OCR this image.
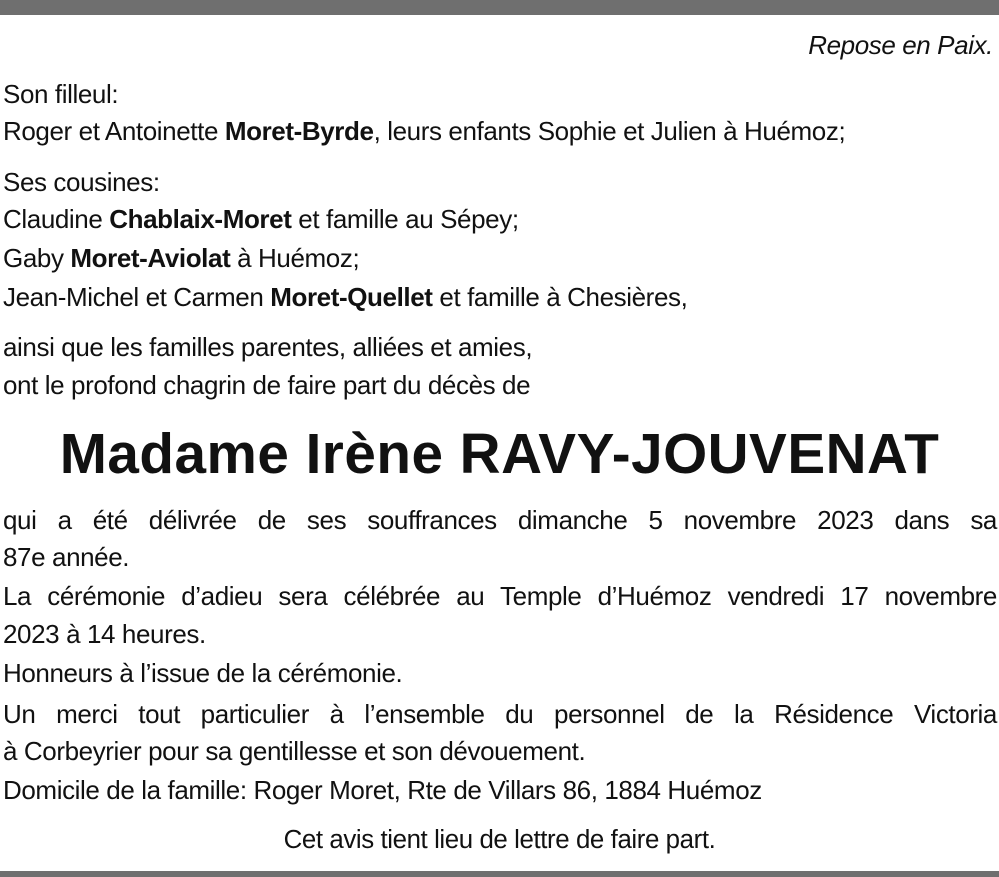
Repose en Paix.
Son filleul:
Roger et Antoinette Moret-Byrde, leurs enfants Sophie et Julien à Huémoz;
Ses cousines:
Claudine Chablaix-Moret et famille au Sépey;
Gaby Moret-Aviolat à Huémoz;
Jean-Michel et Carmen Moret-Quellet et famille à Chesières,
ainsi que les familles parentes, alliées et amies,
ont le profond chagrin de faire part du décès de
Madame Irène RAVY-JOUVENAT
qui a été délivrée de ses souffrances dimanche 5 novembre 2023 dans sa
87e année.
La cérémonie d’adieu sera célébrée au Temple d’Huémoz vendredi 17 novembre
2023 à 14 heures.
Honneurs à l’issue de la cérémonie.
Un merci tout particulier à l’ensemble du personnel de la Résidence Victoria
à Corbeyrier pour sa gentillesse et son dévouement.
Domicile de la famille: Roger Moret, Rte de Villars 86, 1884 Huémoz
Cet avis tient lieu de lettre de faire part.
